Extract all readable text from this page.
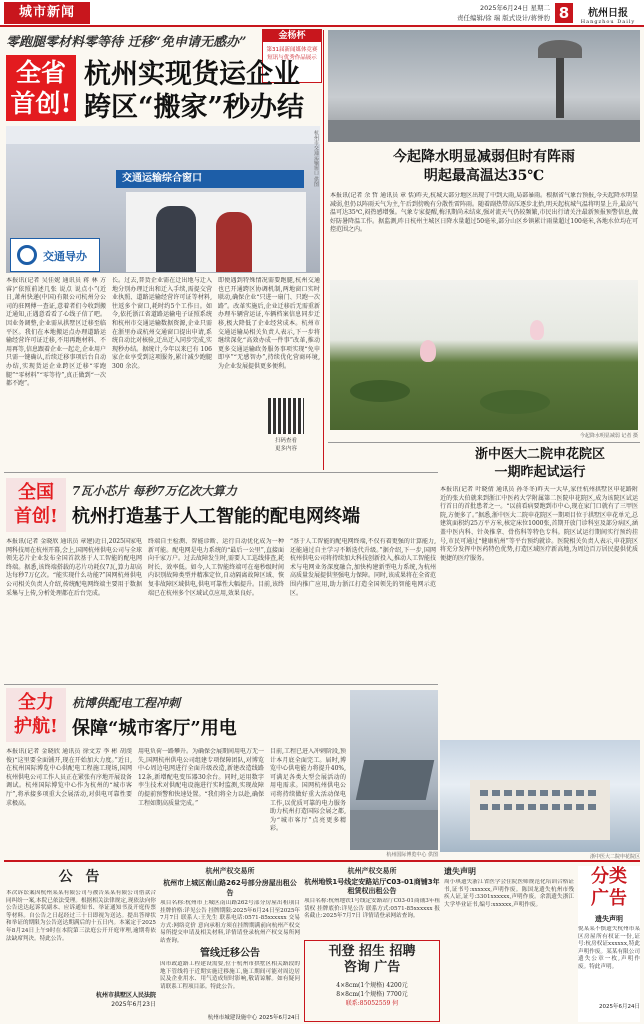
城市新闻	2025年6月24日 星期二
责任编辑/徐 瑞 版式设计/蒋誉豹 8	杭州日报
Hangzhou Daily
零跑腿零材料零等待 迁移“免申请无感办”	金杨杯
第31届新闻媒体竞赛
短讯与优秀作品展示
全省
首创!
杭州实现货运企业
跨区“搬家”秒办结
交通运输综合窗口
交通导办
杭州市交通运输窗口 供图
本报讯(记者 吴佳妮 通讯员 蒋 林 方 睿)“依照前述几张 说点 说点小”(近日,萧州快递(中国)有限公司杭州分公司的驻网傅一查证,意着者们今收到搬迁通知,正遇意看看了心线子信了吧。因业务调整,企业需从拱墅区迁移至临平区。我们在本地搬运点办理道路运输经营许可证迁移,不用再跑材料、不用再等,信息跟着企业一起走,企业用户只需一键确认,后续迁移事项后台自动办结,实现货运企业跨区迁移“零跑腿”“零材料”“零等待”,真正做到“一次都不跑”。
长。过去,普货企业需在迁出地与迁入地分别办理迁出和迁入手续,需提交营业执照、道路运输经营许可证等材料,往返多个窗口,耗时约5个工作日。如今,依托浙江省道路运输电子证照系统和杭州市交通运输数据资源,企业只需在浙里办或杭州交通窗口提出申请,系统自动比对核验,迁出迁入同步完成,实现秒办结。据统计,今年以来已有 106 家企业享受到这项服务,累计减少跑腿 300 余次。
即便遇到特殊情况需要跑腿,杭州交通也已开通跨区协调机制,两地窗口实时联动,确保企业“只进一扇门、只跑一次路”。改革实施后,企业迁移后无需重新办理车辆营运证,车辆档案信息同步迁移,极大降低了企业经营成本。杭州市交通运输局相关负责人表示,下一步将继续深化“高效办成一件事”改革,推动更多交通运输政务服务事项实现“免申即享”“无感智办”,持续优化营商环境,为企业发展提供更多便利。
扫码查看
更多内容
今起降水明显减弱但时有阵雨
明起最高温达35℃
本报讯(记者 余 哲 通讯员 章 恬)昨天,杭城大部分地区出现了中到大雨,局部暴雨。根据省气象台预报,今天起降水明显减弱,但仍以阵雨天气为主,午后到傍晚有分散性雷阵雨。随着副热带高压逐步北抬,明天起杭城气温将明显上升,最高气温可达35℃,闷热感增强。气象专家提醒,梅汛期尚未结束,强对流天气仍较频繁,市民出行请关注最新预报预警信息,做好防暑降温工作。据监测,昨日杭州主城区日降水量超过50毫米,部分山区乡镇累计雨量超过100毫米,各地水位均在可控范围之内。
今起降水明显减弱 记者 摄
浙中医大二院申花院区
一期昨起试运行
本报讯(记者 叶晓倩 通讯员 孙冬冬)昨天一大早,家住杭州拱墅区申花路附近的张大伯就来到浙江中医药大学附属第二医院申花院区,成为该院区试运行首日的首批患者之一。“以前看病要跑到市中心,现在家门口就有了三甲医院,方便多了。”据悉,浙中医大二院申花院区一期项目位于拱墅区申花单元,总建筑面积约25万平方米,核定床位1000张,首期开放门诊科室及部分病区,涵盖中医内科、针灸推拿、骨伤科等特色专科。院区试运行期间实行预约挂号,市民可通过“健康杭州”等平台预约就诊。医院相关负责人表示,申花院区将充分发挥中医药特色优势,打造区域医疗新高地,为周边百万居民提供优质便捷的医疗服务。
全国
首创!
7瓦小芯片 每秒7万亿次大算力
杭州打造基于人工智能的配电网终端
本报讯(记者 金晓欣 通讯员 章建)近日,2025国家电网科技周在杭州开幕,会上,国网杭州供电公司与全球领先芯片企业发布全国首款基于人工智能的配电网终端。据悉,该终端搭载的芯片功耗仅7瓦,算力却高达每秒7万亿次。“能实现什么功能?”国网杭州供电公司相关负责人介绍,传统配电网终端主要用于数据采集与上传,分析处理都在后台完成。
终端自主检测、智能诊断、运行自动优化成为一种新可能。配电网是电力系统的“最后一公里”,直接面向千家万户。过去故障发生时,需要人工巡线排查,耗时长、效率低。如今,人工智能终端可在毫秒级时间内识别故障类型并精准定位,自动隔离故障区域、恢复非故障区域供电,供电可靠性大幅提升。目前,该终端已在杭州多个区域试点应用,效果良好。
“基于人工智能的配电网终端,不仅有着更强的计算能力,还能通过自主学习不断迭代升级。”据介绍,下一步,国网杭州供电公司将持续加大科技创新投入,推动人工智能技术与电网业务深度融合,加快构建新型电力系统,为杭州高质量发展提供坚强电力保障。同时,该成果将在全省范围内推广应用,助力浙江打造全国领先的智能电网示范区。
全力
护航!
杭博供配电工程冲刺
保障“城市客厅”用电
本报讯(记者 金晓欣 通讯员 徐文芳 李 彬 胡虔俊)“这里要全面铺开,现在开始加大力度。”近日,在杭州国际博览中心供配电工程施工现场,国网杭州供电公司工作人员正在紧张有序地开展设备调试。杭州国际博览中心作为杭州的“城市客厅”,将承接多项重大会展活动,对供电可靠性要求极高。
用电负荷一路攀升。为确保会展期间用电万无一失,国网杭州供电公司组建专项保障团队,对博览中心周边电网进行全面升级改造,新建改造线路12条,新增配电变压器30余台。同时,运用数字孪生技术对供配电设施进行实时监测,实现故障的提前预警和快速处置。“我们将全力以赴,确保工程如期高质量完成。”
目前,工程已进入冲刺阶段,预计本月底全面完工。届时,博览中心供电能力将提升40%,可满足各类大型会展活动的用电需求。国网杭州供电公司将持续做好重大活动保电工作,以优质可靠的电力服务助力杭州打造国际会展之都,为“城市客厅”点亮更多精彩。
杭州国际博览中心 供图	浙中医大二院申花院区
公 告
本次诉讼案因杭州某某有限公司与被告某某有限公司借款合同纠纷一案,本院已依法受理。根据相关法律规定,现依法向你公告送达起诉状副本、应诉通知书、举证通知书及开庭传票等材料。自公告之日起经过三十日即视为送达。提出答辩状和举证的期限为公告送达期满后的十五日内。本案定于2025年8月24日上午9时在本院第三法庭公开开庭审理,逾期将依法缺席判决。特此公告。
杭州市拱墅区人民法院
2025年6月23日
杭州产权交易所
杭州市上城区南山路262号部分房屋出租公告
项目名称:杭州市上城区南山路262号部分房屋出租项目 挂牌价格:详见公告 挂牌期限:2025年6月24日至2025年7月7日 联系人:王先生 联系电话:0571-85xxxxxx 交易方式:网络竞价 意向承租方须在挂牌期满前向杭州产权交易所提交申请及相关材料,详情请登录杭州产权交易所网站查询。
管线迁移公告
因市政道路工程建设需要,位于杭州市拱墅区相关路段的地下管线将于近期实施迁移施工,施工期间可能对周边居民及企业用水、用气造成短时影响,敬请谅解。如有疑问请联系工程项目部。特此公告。
杭州市城建设施中心 2025年6月24日
杭州产权交易所
杭州地铁1号线定安路站厅C03-01商铺3年租赁权出租公告
项目名称:杭州地铁1号线定安路站厅C03-01商铺3年租赁权 挂牌底价:详见公告 联系方式:0571-85xxxxxx 报名截止:2025年7月7日 详情请登录网站查询。
刊登 招生 招聘
咨询 广告
4×8cm(1个规格) 4200元
8×8cm(1个规格) 7700元
联系:85052559 何
遗失声明
周小琪遗失浙江省医学会住院医师规范化培训合格证书,证书号:xxxxxx,声明作废。陈国龙遗失杭州市残疾人证,证号:3301xxxxxx,声明作废。余凯遗失浙江大学毕业证书,编号:xxxxxx,声明作废。
分类
广告
遗失声明
倪某某不慎遗失杭州市某区房屋所有权证一份,证号:杭房权证xxxxxx,特此声明作废。某某有限公司遗失公章一枚,声明作废。特此声明。
2025年6月24日
